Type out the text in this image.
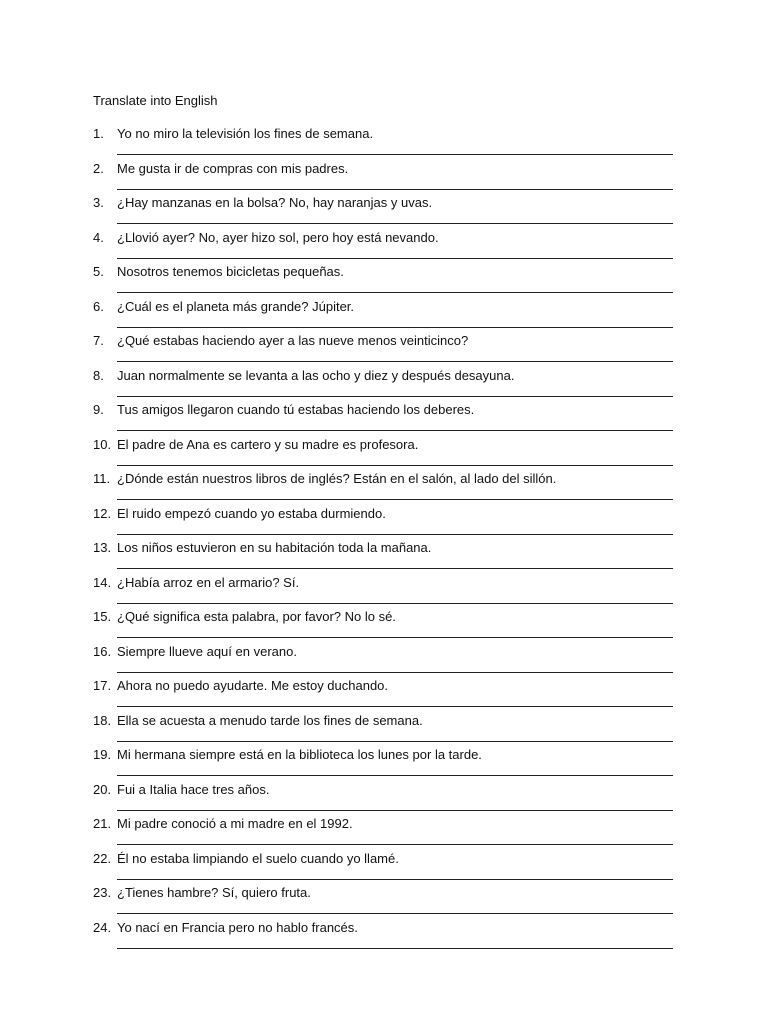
Translate into English
1. Yo no miro la televisión los fines de semana.
2. Me gusta ir de compras con mis padres.
3. ¿Hay manzanas en la bolsa? No, hay naranjas y uvas.
4. ¿Llovió ayer? No, ayer hizo sol, pero hoy está nevando.
5. Nosotros tenemos bicicletas pequeñas.
6. ¿Cuál es el planeta más grande? Júpiter.
7. ¿Qué estabas haciendo ayer a las nueve menos veinticinco?
8. Juan normalmente se levanta a las ocho y diez y después desayuna.
9. Tus amigos llegaron cuando tú estabas haciendo los deberes.
10. El padre de Ana es cartero y su madre es profesora.
11. ¿Dónde están nuestros libros de inglés? Están en el salón, al lado del sillón.
12. El ruido empezó cuando yo estaba durmiendo.
13. Los niños estuvieron en su habitación toda la mañana.
14. ¿Había arroz en el armario? Sí.
15. ¿Qué significa esta palabra, por favor? No lo sé.
16. Siempre llueve aquí en verano.
17. Ahora no puedo ayudarte. Me estoy duchando.
18. Ella se acuesta a menudo tarde los fines de semana.
19. Mi hermana siempre está en la biblioteca los lunes por la tarde.
20. Fui a Italia hace tres años.
21. Mi padre conoció a mi madre en el 1992.
22. Él no estaba limpiando el suelo cuando yo llamé.
23. ¿Tienes hambre? Sí, quiero fruta.
24. Yo nací en Francia pero no hablo francés.
